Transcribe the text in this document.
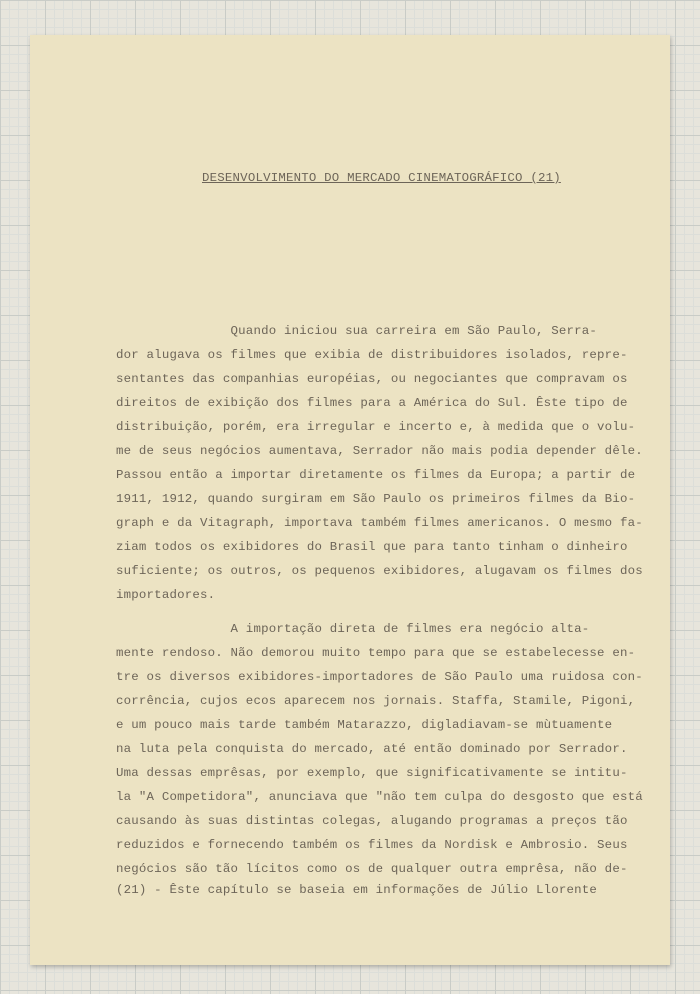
DESENVOLVIMENTO DO MERCADO CINEMATOGRÁFICO (21)
Quando iniciou sua carreira em São Paulo, Serra-
dor alugava os filmes que exibia de distribuidores isolados, repre-
sentantes das companhias européias, ou negociantes que compravam os
direitos de exibição dos filmes para a América do Sul. Êste tipo de
distribuição, porém, era irregular e incerto e, à medida que o volu-
me de seus negócios aumentava, Serrador não mais podia depender dêle.
Passou então a importar diretamente os filmes da Europa; a partir de
1911, 1912, quando surgiram em São Paulo os primeiros filmes da Bio-
graph e da Vitagraph, importava também filmes americanos. O mesmo fa-
ziam todos os exibidores do Brasil que para tanto tinham o dinheiro
suficiente; os outros, os pequenos exibidores, alugavam os filmes dos
importadores.
A importação direta de filmes era negócio alta-
mente rendoso. Não demorou muito tempo para que se estabelecesse en-
tre os diversos exibidores-importadores de São Paulo uma ruidosa con-
corrência, cujos ecos aparecem nos jornais. Staffa, Stamile, Pigoni,
e um pouco mais tarde também Matarazzo, digladiavam-se mùtuamente
na luta pela conquista do mercado, até então dominado por Serrador.
Uma dessas emprêsas, por exemplo, que significativamente se intitu-
la "A Competidora", anunciava que "não tem culpa do desgosto que está
causando às suas distintas colegas, alugando programas a preços tão
reduzidos e fornecendo também os filmes da Nordisk e Ambrosio. Seus
negócios são tão lícitos como os de qualquer outra emprêsa, não de-
(21) - Êste capítulo se baseia em informações de Júlio Llorente
